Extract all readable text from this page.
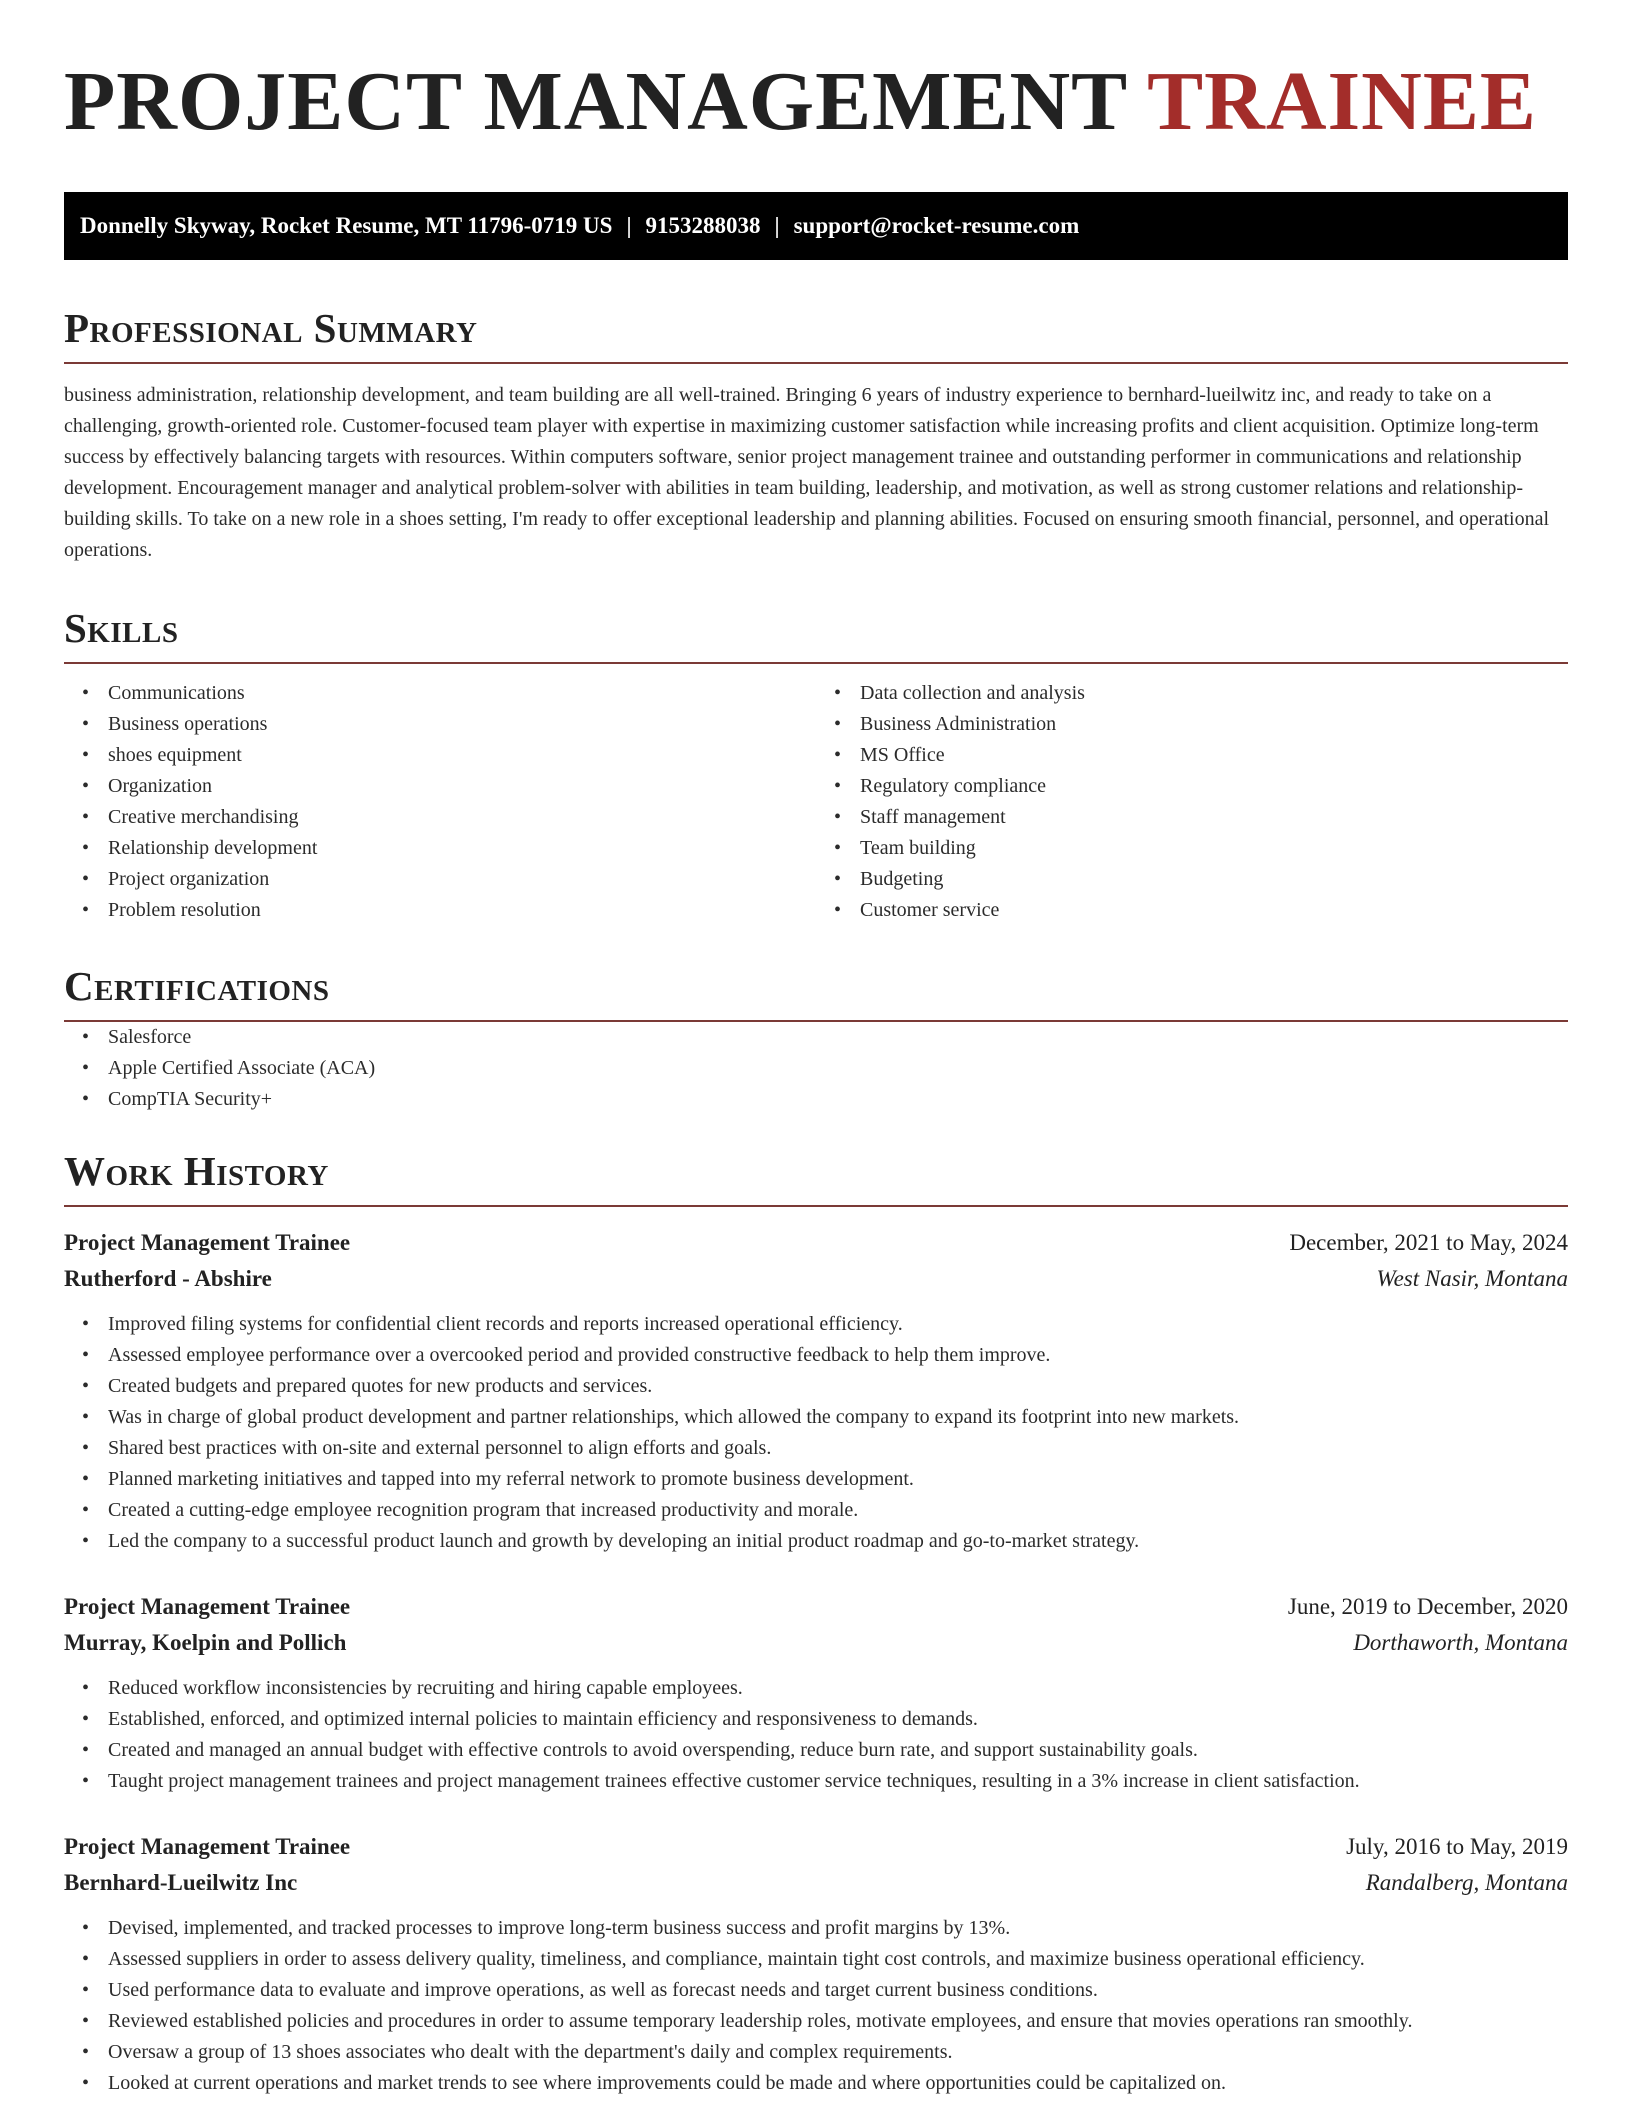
PROJECT MANAGEMENT TRAINEE
Donnelly Skyway, Rocket Resume, MT 11796-0719 US | 9153288038 | support@rocket-resume.com
Professional Summary

business administration, relationship development, and team building are all well-trained. Bringing 6 years of industry experience to bernhard-lueilwitz inc, and ready to take on a challenging, growth-oriented role. Customer-focused team player with expertise in maximizing customer satisfaction while increasing profits and client acquisition. Optimize long-term success by effectively balancing targets with resources. Within computers software, senior project management trainee and outstanding performer in communications and relationship development. Encouragement manager and analytical problem-solver with abilities in team building, leadership, and motivation, as well as strong customer relations and relationship-building skills. To take on a new role in a shoes setting, I'm ready to offer exceptional leadership and planning abilities. Focused on ensuring smooth financial, personnel, and operational operations.

Skills
• Communications
• Business operations
• shoes equipment
• Organization
• Creative merchandising
• Relationship development
• Project organization
• Problem resolution
• Data collection and analysis
• Business Administration
• MS Office
• Regulatory compliance
• Staff management
• Team building
• Budgeting
• Customer service
Certifications
• Salesforce
• Apple Certified Associate (ACA)
• CompTIA Security+
Work History
Project Management Trainee	December, 2021 to May, 2024
Rutherford - Abshire	West Nasir, Montana
• Improved filing systems for confidential client records and reports increased operational efficiency.
• Assessed employee performance over a overcooked period and provided constructive feedback to help them improve.
• Created budgets and prepared quotes for new products and services.
• Was in charge of global product development and partner relationships, which allowed the company to expand its footprint into new markets.
• Shared best practices with on-site and external personnel to align efforts and goals.
• Planned marketing initiatives and tapped into my referral network to promote business development.
• Created a cutting-edge employee recognition program that increased productivity and morale.
• Led the company to a successful product launch and growth by developing an initial product roadmap and go-to-market strategy.
Project Management Trainee	June, 2019 to December, 2020
Murray, Koelpin and Pollich	Dorthaworth, Montana
• Reduced workflow inconsistencies by recruiting and hiring capable employees.
• Established, enforced, and optimized internal policies to maintain efficiency and responsiveness to demands.
• Created and managed an annual budget with effective controls to avoid overspending, reduce burn rate, and support sustainability goals.
• Taught project management trainees and project management trainees effective customer service techniques, resulting in a 3% increase in client satisfaction.
Project Management Trainee	July, 2016 to May, 2019
Bernhard-Lueilwitz Inc	Randalberg, Montana
• Devised, implemented, and tracked processes to improve long-term business success and profit margins by 13%.
• Assessed suppliers in order to assess delivery quality, timeliness, and compliance, maintain tight cost controls, and maximize business operational efficiency.
• Used performance data to evaluate and improve operations, as well as forecast needs and target current business conditions.
• Reviewed established policies and procedures in order to assume temporary leadership roles, motivate employees, and ensure that movies operations ran smoothly.
• Oversaw a group of 13 shoes associates who dealt with the department's daily and complex requirements.
• Looked at current operations and market trends to see where improvements could be made and where opportunities could be capitalized on.
